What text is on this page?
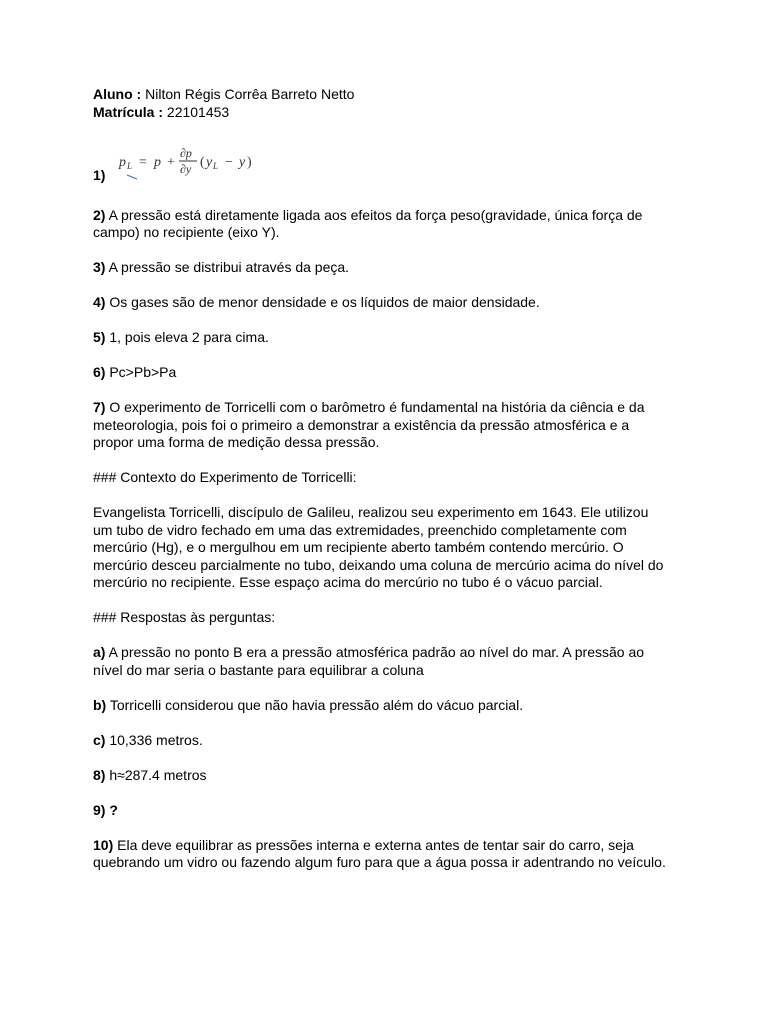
Aluno : Nilton Régis Corrêa Barreto Netto

Matrícula : 22101453

1)
p L = p +
∂p
∂y ( y L − y )

2) A pressão está diretamente ligada aos efeitos da força peso(gravidade, única força de

campo) no recipiente (eixo Y).

3) A pressão se distribui através da peça.

4) Os gases são de menor densidade e os líquidos de maior densidade.

5) 1, pois eleva 2 para cima.

6) Pc>Pb>Pa

7) O experimento de Torricelli com o barômetro é fundamental na história da ciência e da

meteorologia, pois foi o primeiro a demonstrar a existência da pressão atmosférica e a

propor uma forma de medição dessa pressão.

### Contexto do Experimento de Torricelli:

Evangelista Torricelli, discípulo de Galileu, realizou seu experimento em 1643. Ele utilizou

um tubo de vidro fechado em uma das extremidades, preenchido completamente com

mercúrio (Hg), e o mergulhou em um recipiente aberto também contendo mercúrio. O

mercúrio desceu parcialmente no tubo, deixando uma coluna de mercúrio acima do nível do

mercúrio no recipiente. Esse espaço acima do mercúrio no tubo é o vácuo parcial.

### Respostas às perguntas:

a) A pressão no ponto B era a pressão atmosférica padrão ao nível do mar. A pressão ao

nível do mar seria o bastante para equilibrar a coluna

b) Torricelli considerou que não havia pressão além do vácuo parcial.

c) 10,336 metros.

8) h≈287.4 metros

9) ?

10) Ela deve equilibrar as pressões interna e externa antes de tentar sair do carro, seja

quebrando um vidro ou fazendo algum furo para que a água possa ir adentrando no veículo.
